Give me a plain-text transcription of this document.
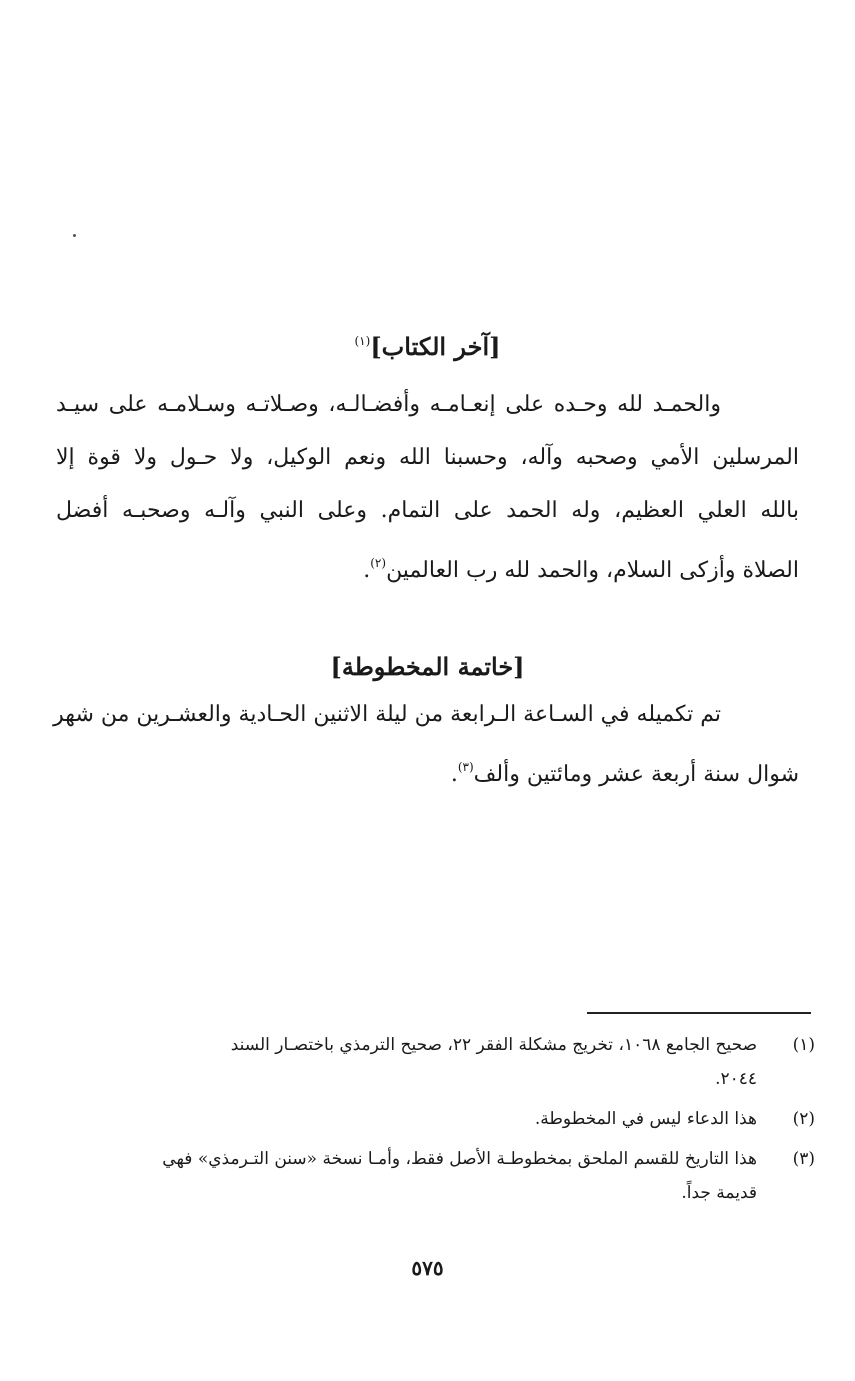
[آخر الكتاب]$^{(١)}$
والحمـد لله وحـده على إنعـامـه وأفضـالـه، وصـلاتـه وسـلامـه على سيـد
المرسلين الأمي وصحبه وآله، وحسبنا الله ونعم الوكيل، ولا حـول ولا قوة إلا
بالله العلي العظيم، وله الحمد على التمام. وعلى النبي وآلـه وصحبـه أفضل
الصلاة وأزكى السلام، والحمد لله رب العالمين$^{(٢)}$.
[خاتمة المخطوطة]
تم تكميله في السـاعة الـرابعة من ليلة الاثنين الحـادية والعشـرين من شهر
شوال سنة أربعة عشر ومائتين وألف$^{(٣)}$.
(١)
صحيح الجامع ١٠٦٨، تخريج مشكلة الفقر ٢٢، صحيح الترمذي باختصـار السند
٢٠٤٤.
(٢)
هذا الدعاء ليس في المخطوطة.
(٣)
هذا التاريخ للقسم الملحق بمخطوطـة الأصل فقط، وأمـا نسخة «سنن التـرمذي» فهي
قديمة جداً.
٥٧٥
